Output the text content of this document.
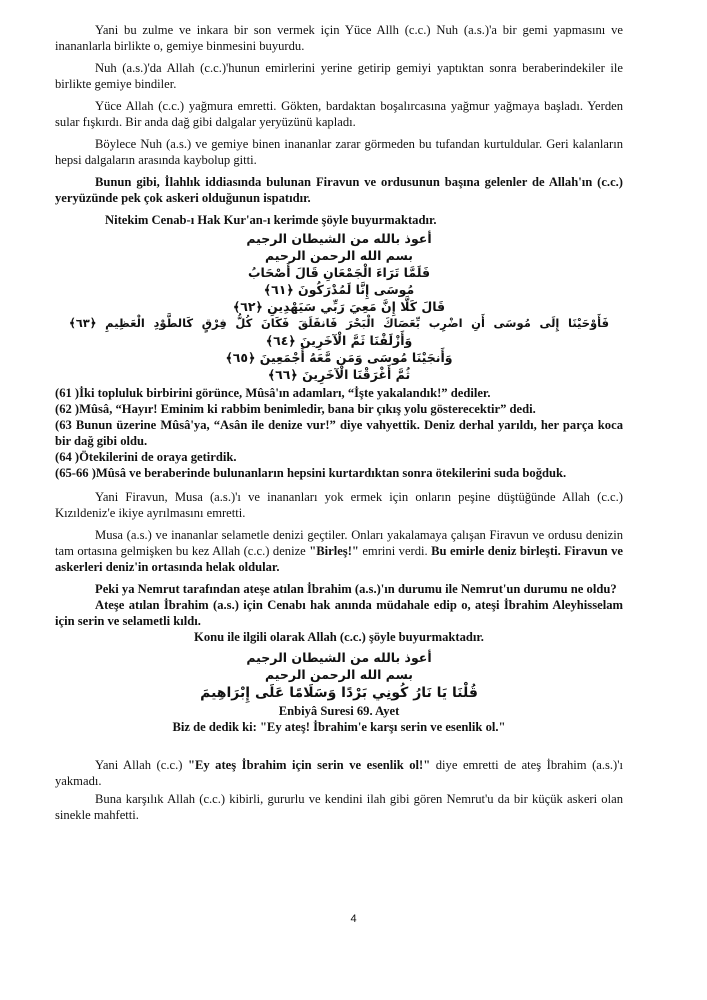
Yani bu zulme ve inkara bir son vermek için Yüce Allh (c.c.) Nuh (a.s.)'a bir gemi yapmasını ve inananlarla birlikte o, gemiye binmesini buyurdu.

Nuh (a.s.)'da Allah (c.c.)'hunun emirlerini yerine getirip gemiyi yaptıktan sonra beraberindekiler ile birlikte gemiye bindiler.

Yüce Allah (c.c.) yağmura emretti. Gökten, bardaktan boşalırcasına yağmur yağmaya başladı. Yerden sular fışkırdı. Bir anda dağ gibi dalgalar yeryüzünü kapladı.

Böylece Nuh (a.s.) ve gemiye binen inananlar zarar görmeden bu tufandan kurtuldular. Geri kalanların hepsi dalgaların arasında kaybolup gitti.

Bunun gibi, İlahlık iddiasında bulunan Firavun ve ordusunun başına gelenler de Allah'ın (c.c.) yeryüzünde pek çok askeri olduğunun ispatıdır.

Nitekim Cenab-ı Hak Kur'an-ı kerimde şöyle buyurmaktadır.

أعوذ بالله من الشيطان الرجيم
بسم الله الرحمن الرحيم
فَلَمَّا تَرَاءَ الْجَمْعَانِ قَالَ أَصْحَابُ
مُوسَى إِنَّا لَمُدْرَكُونَ ﴿٦١﴾
قَالَ كَلَّا إِنَّ مَعِيَ رَبِّي سَيَهْدِينِ ﴿٦٢﴾
فَأَوْحَيْنَا إِلَى مُوسَى أَنِ اضْرِب بِّعَصَاكَ الْبَحْرَ فَانفَلَقَ فَكَانَ كُلُّ فِرْقٍ كَالطَّوْدِ الْعَظِيمِ ﴿٦٣﴾
وَأَزْلَفْنَا ثَمَّ الْآخَرِينَ ﴿٦٤﴾
وَأَنجَيْنَا مُوسَى وَمَن مَّعَهُ أَجْمَعِينَ ﴿٦٥﴾
ثُمَّ أَغْرَقْنَا الْآخَرِينَ ﴿٦٦﴾

(61 )İki topluluk birbirini görünce, Mûsâ'ın adamları, “İşte yakalandık!” dediler.

(62 )Mûsâ, “Hayır! Eminim ki rabbim benimledir, bana bir çıkış yolu gösterecektir” dedi.

(63 Bunun üzerine Mûsâ'ya, “Asân ile denize vur!” diye vahyettik. Deniz derhal yarıldı, her parça koca bir dağ gibi oldu.

(64 )Ötekilerini de oraya getirdik.

(65-66 )Mûsâ ve beraberinde bulunanların hepsini kurtardıktan sonra ötekilerini suda boğduk.

Yani Firavun, Musa (a.s.)'ı ve inananları yok ermek için onların peşine düştüğünde Allah (c.c.) Kızıldeniz'e ikiye ayrılmasını emretti.

Musa (a.s.) ve inananlar selametle denizi geçtiler. Onları yakalamaya çalışan Firavun ve ordusu denizin tam ortasına gelmişken bu kez Allah (c.c.) denize "Birleş!" emrini verdi. Bu emirle deniz birleşti. Firavun ve askerleri deniz'in ortasında helak oldular.

Peki ya Nemrut tarafından ateşe atılan İbrahim (a.s.)'ın durumu ile Nemrut'un durumu ne oldu?

Ateşe atılan İbrahim (a.s.) için Cenabı hak anında müdahale edip o, ateşi İbrahim Aleyhisselam için serin ve selametli kıldı.

Konu ile ilgili olarak Allah (c.c.) şöyle buyurmaktadır.

أعوذ بالله من الشيطان الرجيم
بسم الله الرحمن الرحيم
قُلْنَا يَا نَارُ كُونِي بَرْدًا وَسَلَامًا عَلَى إِبْرَاهِيمَ

Enbiyâ Suresi 69. Ayet

Biz de dedik ki: "Ey ateş! İbrahim'e karşı serin ve esenlik ol."

Yani Allah (c.c.) "Ey ateş İbrahim için serin ve esenlik ol!" diye emretti de ateş İbrahim (a.s.)'ı yakmadı.

Buna karşılık Allah (c.c.) kibirli, gururlu ve kendini ilah gibi gören Nemrut'u da bir küçük askeri olan sinekle mahfetti.

4
